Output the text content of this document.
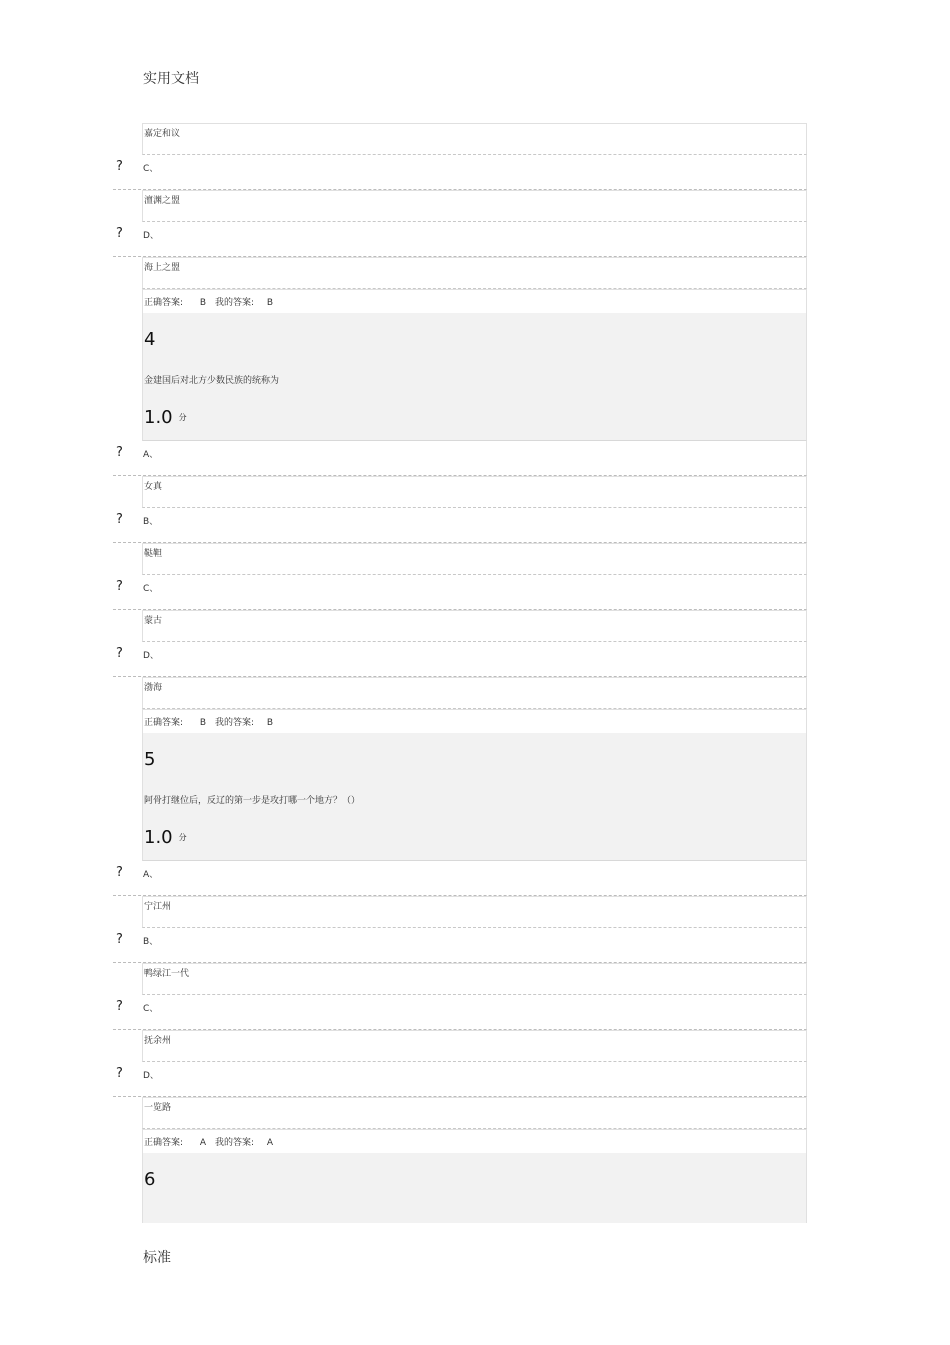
实用文档
嘉定和议
? C、
澶渊之盟
? D、
海上之盟
正确答案: B 我的答案: B
4
金建国后对北方少数民族的统称为
1.0 分
? A、
女真
? B、
鞑靼
? C、
蒙古
? D、
渤海
正确答案: B 我的答案: B
5
阿骨打继位后，反辽的第一步是攻打哪一个地方？（）
1.0 分
? A、
宁江州
? B、
鸭绿江一代
? C、
抚余州
? D、
一览路
正确答案: A 我的答案: A
6
标准
